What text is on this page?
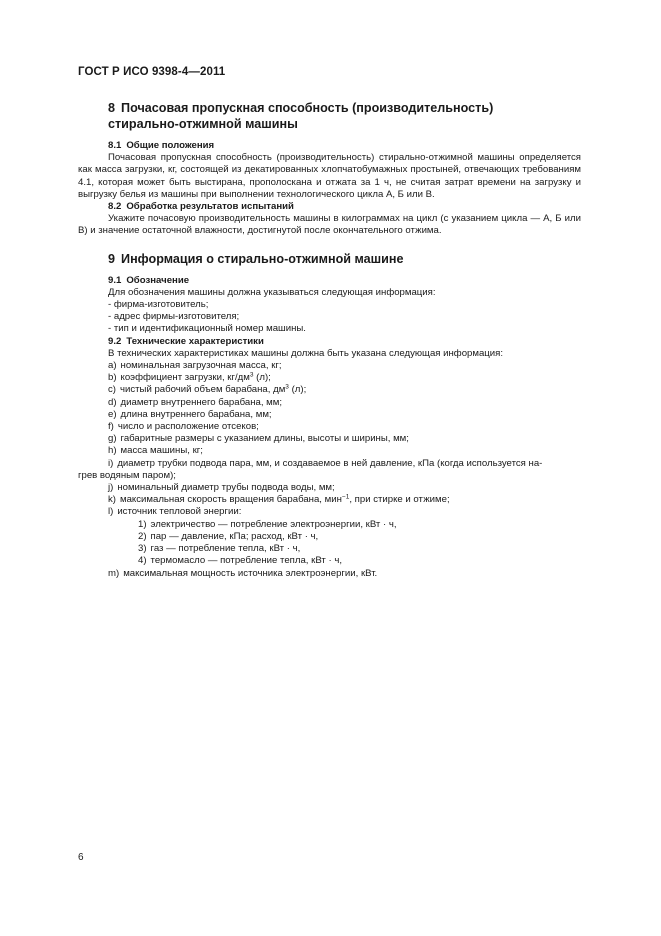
ГОСТ Р ИСО 9398-4—2011
8 Почасовая пропускная способность (производительность)
стирально-отжимной машины
8.1 Общие положения

Почасовая пропускная способность (производительность) стирально-отжимной машины определяется как масса загрузки, кг, состоящей из декатированных хлопчатобумажных простыней, отвечающих требованиям 4.1, которая может быть выстирана, прополоскана и отжата за 1 ч, не считая затрат времени на загрузку и выгрузку белья из машины при выполнении технологического цикла А, Б или В.

8.2 Обработка результатов испытаний

Укажите почасовую производительность машины в килограммах на цикл (с указанием цикла — А, Б или В) и значение остаточной влажности, достигнутой после окончательного отжима.

9 Информация о стирально-отжимной машине
9.1 Обозначение

Для обозначения машины должна указываться следующая информация:

- фирма-изготовитель;

- адрес фирмы-изготовителя;

- тип и идентификационный номер машины.

9.2 Технические характеристики

В технических характеристиках машины должна быть указана следующая информация:

a) номинальная загрузочная масса, кг;

b) коэффициент загрузки, $кг/дм^3$ (л);

c) чистый рабочий объем барабана, $дм^3$ (л);

d) диаметр внутреннего барабана, мм;

e) длина внутреннего барабана, мм;

f) число и расположение отсеков;

g) габаритные размеры с указанием длины, высоты и ширины, мм;

h) масса машины, кг;

i) диаметр трубки подвода пара, мм, и создаваемое в ней давление, кПа (когда используется на-

грев водяным паром);

j) номинальный диаметр трубы подвода воды, мм;

k) максимальная скорость вращения барабана, мин$^{-1}$, при стирке и отжиме;

l) источник тепловой энергии:

1) электричество — потребление электроэнергии, кВт · ч,

2) пар — давление, кПа; расход, кВт · ч,

3) газ — потребление тепла, кВт · ч,

4) термомасло — потребление тепла, кВт · ч,

m) максимальная мощность источника электроэнергии, кВт.

6
